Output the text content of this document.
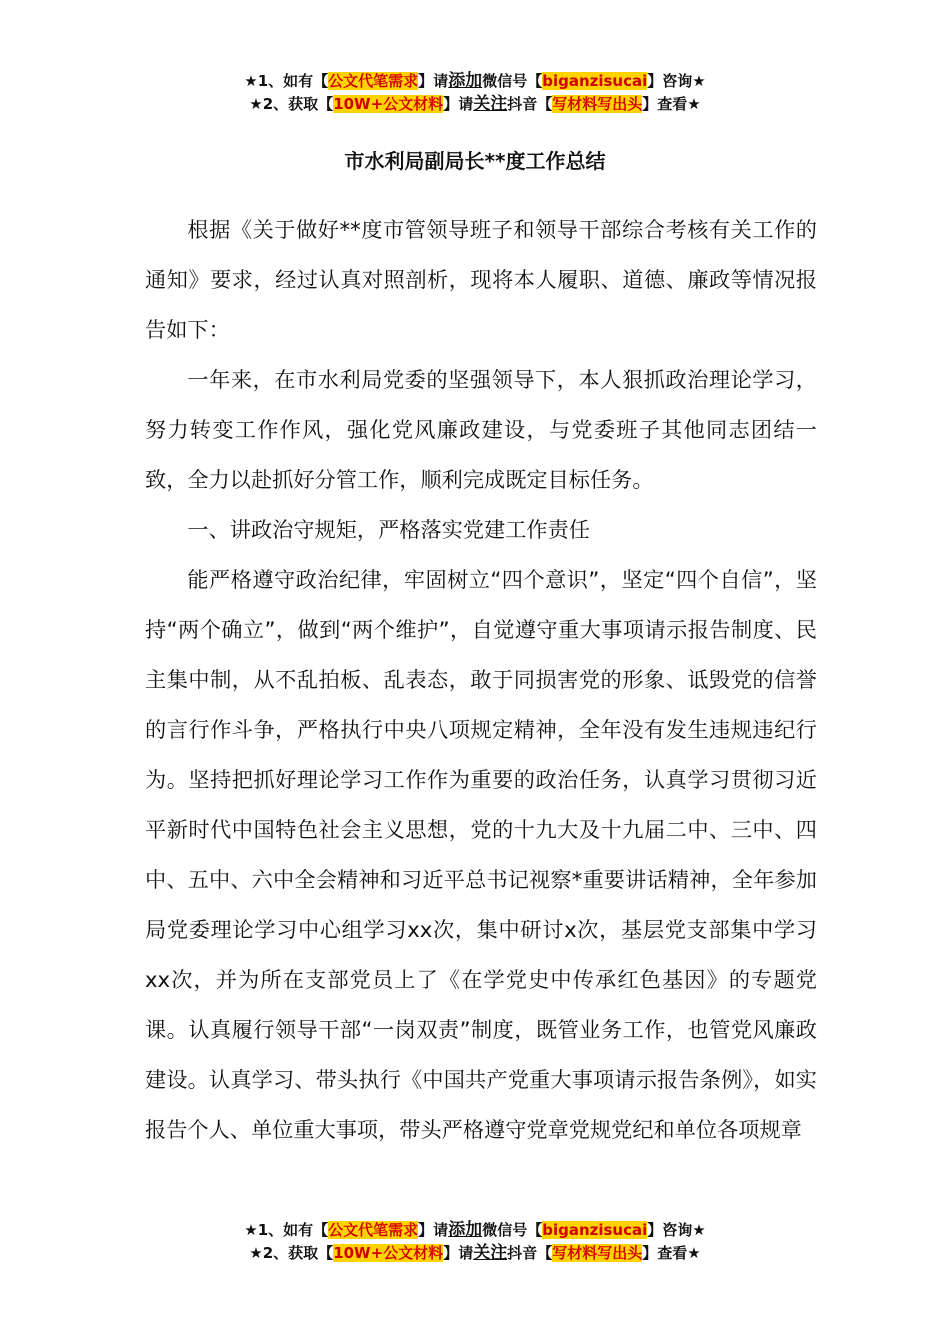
★1、如有【公文代笔需求】请添加微信号【biganzisucai】咨询★
★2、获取【10W+公文材料】请关注抖音【写材料写出头】查看★
市水利局副局长**度工作总结

根据《关于做好**度市管领导班子和领导干部综合考核有关工作的通知》要求，经过认真对照剖析，现将本人履职、道德、廉政等情况报告如下：

一年来，在市水利局党委的坚强领导下，本人狠抓政治理论学习，努力转变工作作风，强化党风廉政建设，与党委班子其他同志团结一致，全力以赴抓好分管工作，顺利完成既定目标任务。

一、讲政治守规矩，严格落实党建工作责任

能严格遵守政治纪律，牢固树立“四个意识”，坚定“四个自信”，坚持“两个确立”，做到“两个维护”，自觉遵守重大事项请示报告制度、民主集中制，从不乱拍板、乱表态，敢于同损害党的形象、诋毁党的信誉的言行作斗争，严格执行中央八项规定精神，全年没有发生违规违纪行为。坚持把抓好理论学习工作作为重要的政治任务，认真学习贯彻习近平新时代中国特色社会主义思想，党的十九大及十九届二中、三中、四中、五中、六中全会精神和习近平总书记视察*重要讲话精神，全年参加局党委理论学习中心组学习xx次，集中研讨x次，基层党支部集中学习xx次，并为所在支部党员上了《在学党史中传承红色基因》的专题党课。认真履行领导干部“一岗双责”制度，既管业务工作，也管党风廉政建设。认真学习、带头执行《中国共产党重大事项请示报告条例》，如实报告个人、单位重大事项，带头严格遵守党章党规党纪和单位各项规章

★1、如有【公文代笔需求】请添加微信号【biganzisucai】咨询★
★2、获取【10W+公文材料】请关注抖音【写材料写出头】查看★
